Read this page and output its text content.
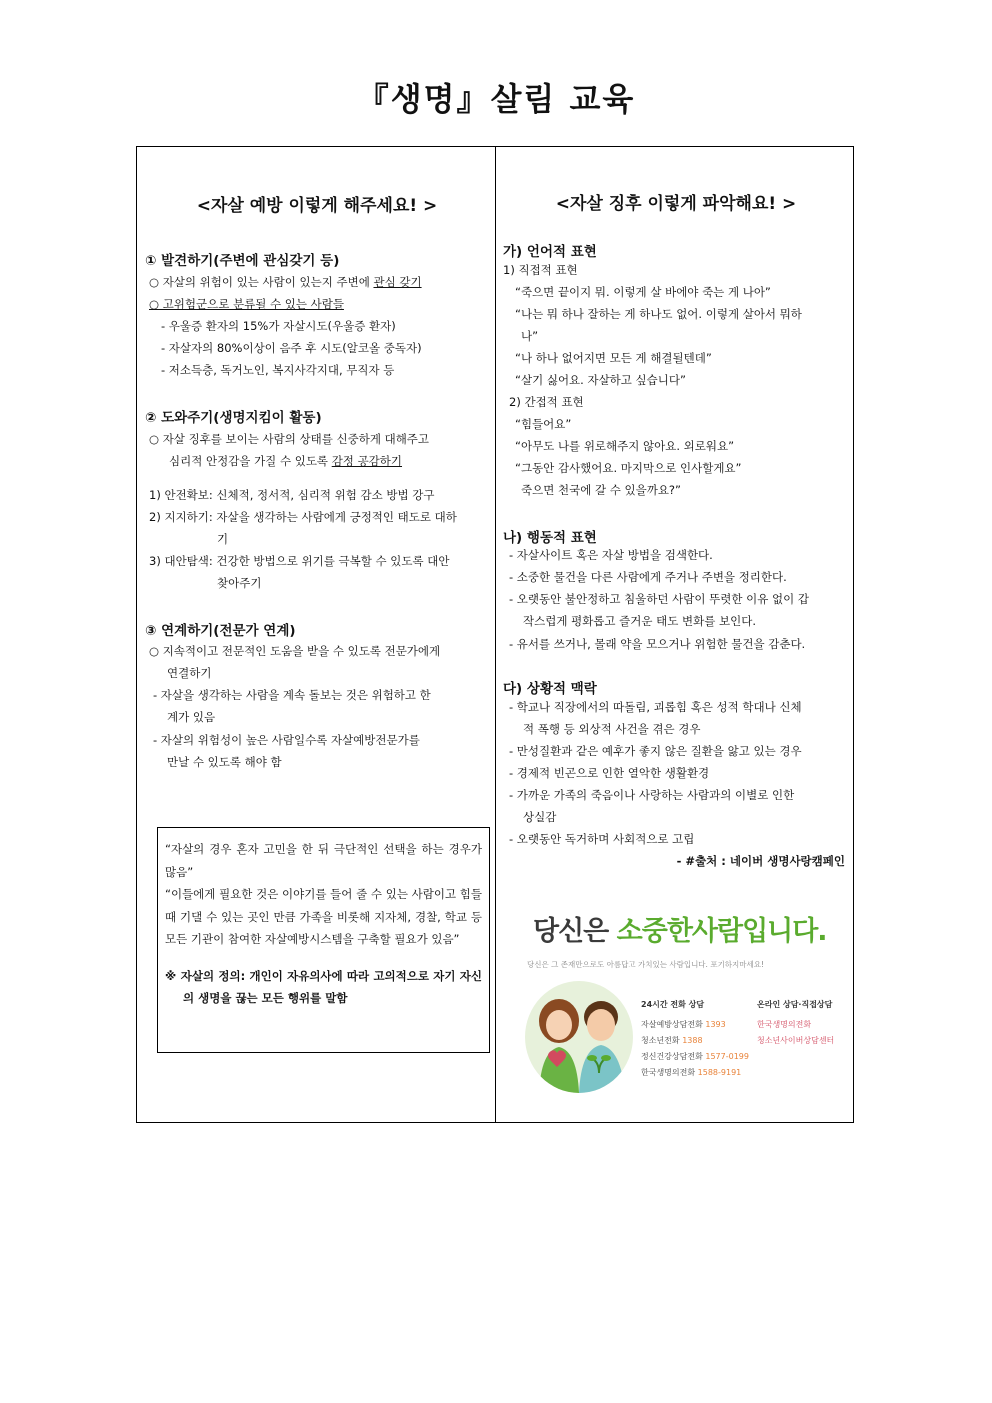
『생명』살림 교육
<자살 예방 이렇게 해주세요! >
① 발견하기(주변에 관심갖기 등)
○ 자살의 위험이 있는 사람이 있는지 주변에 관심 갖기
○ 고위험군으로 분류될 수 있는 사람들
- 우울증 환자의 15%가 자살시도(우울증 환자)
- 자살자의 80%이상이 음주 후 시도(알코올 중독자)
- 저소득층, 독거노인, 복지사각지대, 무직자 등
② 도와주기(생명지킴이 활동)
○ 자살 징후를 보이는 사람의 상태를 신중하게 대해주고
심리적 안정감을 가질 수 있도록 감정 공감하기
1) 안전확보: 신체적, 정서적, 심리적 위험 감소 방법 강구
2) 지지하기: 자살을 생각하는 사람에게 긍정적인 태도로 대하
기
3) 대안탐색: 건강한 방법으로 위기를 극복할 수 있도록 대안
찾아주기
③ 연계하기(전문가 연계)
○ 지속적이고 전문적인 도움을 받을 수 있도록 전문가에게
연결하기
- 자살을 생각하는 사람을 계속 돌보는 것은 위험하고 한
계가 있음
- 자살의 위험성이 높은 사람일수록 자살예방전문가를
만날 수 있도록 해야 함
“자살의 경우 혼자 고민을 한 뒤 극단적인 선택을 하는 경우가 많음”
“이들에게 필요한 것은 이야기를 들어 줄 수 있는 사람이고 힘들 때 기댈 수 있는 곳인 만큼 가족을 비롯해 지자체, 경찰, 학교 등 모든 기관이 참여한 자살예방시스템을 구축할 필요가 있음”
※ 자살의 정의: 개인이 자유의사에 따라 고의적으로 자기 자신의 생명을 끊는 모든 행위를 말함
<자살 징후 이렇게 파악해요! >
가) 언어적 표현
1) 직접적 표현
“죽으면 끝이지 뭐. 이렇게 살 바에야 죽는 게 나아”
“나는 뭐 하나 잘하는 게 하나도 없어. 이렇게 살아서 뭐하
나”
“나 하나 없어지면 모든 게 해결될텐데”
“살기 싫어요. 자살하고 싶습니다”
2) 간접적 표현
“힘들어요”
“아무도 나를 위로해주지 않아요. 외로워요”
“그동안 감사했어요. 마지막으로 인사할게요”
죽으면 천국에 갈 수 있을까요?”
나) 행동적 표현
- 자살사이트 혹은 자살 방법을 검색한다.
- 소중한 물건을 다른 사람에게 주거나 주변을 정리한다.
- 오랫동안 불안정하고 침울하던 사람이 뚜렷한 이유 없이 갑
작스럽게 평화롭고 즐거운 태도 변화를 보인다.
- 유서를 쓰거나, 몰래 약을 모으거나 위험한 물건을 감춘다.
다) 상황적 맥락
- 학교나 직장에서의 따돌림, 괴롭힘 혹은 성적 학대나 신체
적 폭행 등 외상적 사건을 겪은 경우
- 만성질환과 같은 예후가 좋지 않은 질환을 앓고 있는 경우
- 경제적 빈곤으로 인한 열악한 생활환경
- 가까운 가족의 죽음이나 사랑하는 사람과의 이별로 인한
상실감
- 오랫동안 독거하며 사회적으로 고립
- #출처 : 네이버 생명사랑캠페인
당신은 소중한사람입니다.
당신은 그 존재만으로도 아름답고 가치있는 사람입니다. 포기하지마세요!
24시간 전화 상담
자살예방상담전화 1393
청소년전화 1388
정신건강상담전화 1577-0199
한국생명의전화 1588-9191
온라인 상담·직접상담
한국생명의전화
청소년사이버상담센터
